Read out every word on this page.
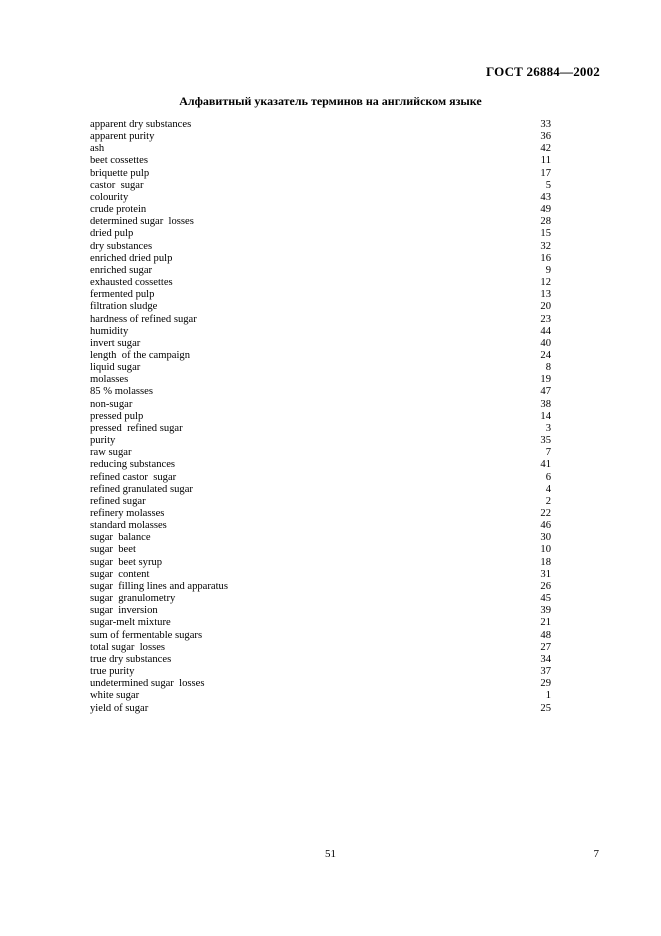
ГОСТ 26884—2002
Алфавитный указатель терминов на английском языке
apparent dry substances	33
apparent purity	36
ash	42
beet cossettes	11
briquette pulp	17
castor  sugar	5
colourity	43
crude protein	49
determined sugar  losses	28
dried pulp	15
dry substances	32
enriched dried pulp	16
enriched sugar	9
exhausted cossettes	12
fermented pulp	13
filtration sludge	20
hardness of refined sugar	23
humidity	44
invert sugar	40
length  of the campaign	24
liquid sugar	8
molasses	19
85 % molasses	47
non-sugar	38
pressed pulp	14
pressed  refined sugar	3
purity	35
raw sugar	7
reducing substances	41
refined castor  sugar	6
refined granulated sugar	4
refined sugar	2
refinery molasses	22
standard molasses	46
sugar  balance	30
sugar  beet	10
sugar  beet syrup	18
sugar  content	31
sugar  filling lines and apparatus	26
sugar  granulometry	45
sugar  inversion	39
sugar-melt mixture	21
sum of fermentable sugars	48
total sugar  losses	27
true dry substances	34
true purity	37
undetermined sugar  losses	29
white sugar	1
yield of sugar	25
51	7
